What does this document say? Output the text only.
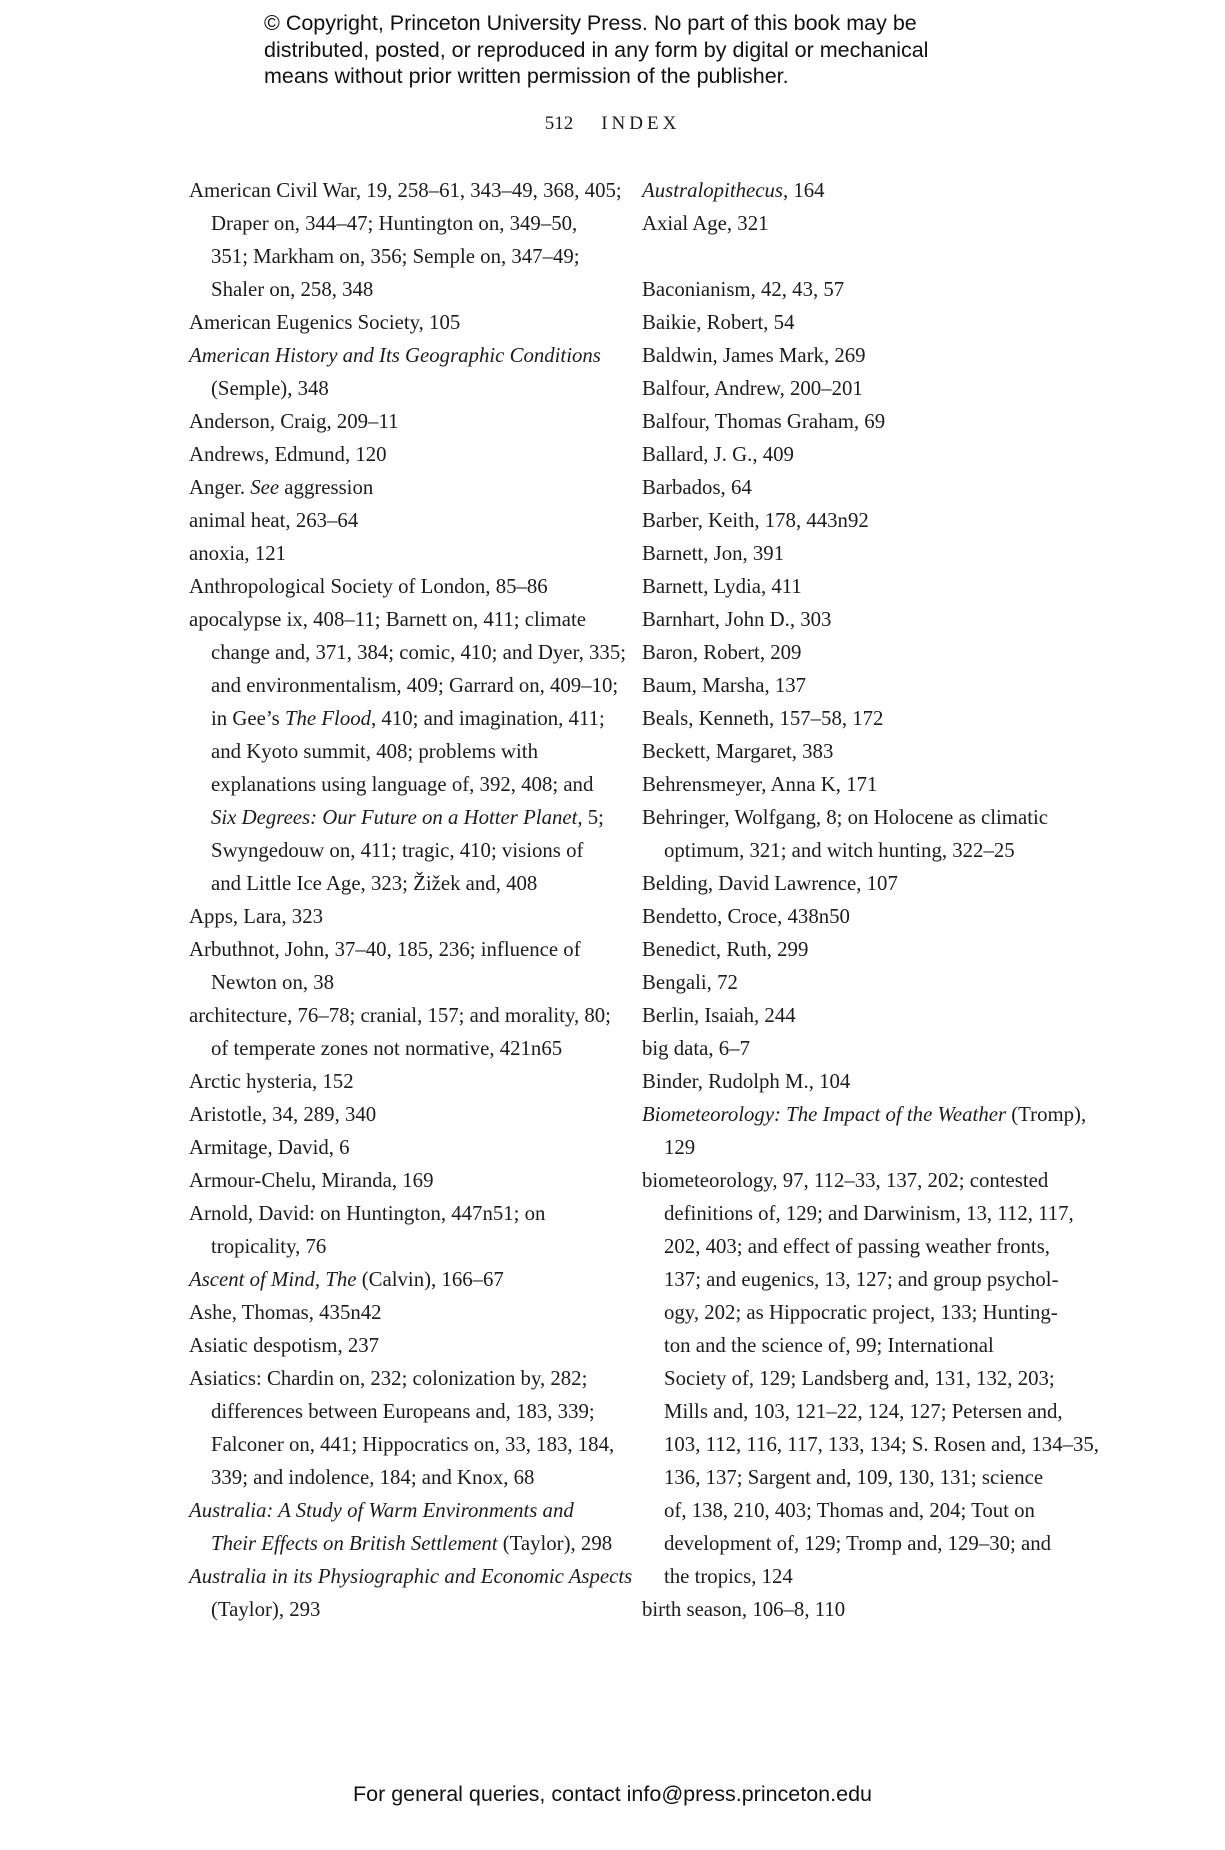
© Copyright, Princeton University Press. No part of this book may be
distributed, posted, or reproduced in any form by digital or mechanical
means without prior written permission of the publisher.
512 INDEX
American Civil War, 19, 258–61, 343–49, 368, 405;
Draper on, 344–47; Huntington on, 349–50,
351; Markham on, 356; Semple on, 347–49;
Shaler on, 258, 348
American Eugenics Society, 105
American History and Its Geographic Conditions
(Semple), 348
Anderson, Craig, 209–11
Andrews, Edmund, 120
Anger. See aggression
animal heat, 263–64
anoxia, 121
Anthropological Society of London, 85–86
apocalypse ix, 408–11; Barnett on, 411; climate
change and, 371, 384; comic, 410; and Dyer, 335;
and environmentalism, 409; Garrard on, 409–10;
in Gee’s The Flood, 410; and imagination, 411;
and Kyoto summit, 408; problems with
explanations using language of, 392, 408; and
Six Degrees: Our Future on a Hotter Planet, 5;
Swyngedouw on, 411; tragic, 410; visions of
and Little Ice Age, 323; Žižek and, 408
Apps, Lara, 323
Arbuthnot, John, 37–40, 185, 236; influence of
Newton on, 38
architecture, 76–78; cranial, 157; and morality, 80;
of temperate zones not normative, 421n65
Arctic hysteria, 152
Aristotle, 34, 289, 340
Armitage, David, 6
Armour-Chelu, Miranda, 169
Arnold, David: on Huntington, 447n51; on
tropicality, 76
Ascent of Mind, The (Calvin), 166–67
Ashe, Thomas, 435n42
Asiatic despotism, 237
Asiatics: Chardin on, 232; colonization by, 282;
differences between Europeans and, 183, 339;
Falconer on, 441; Hippocratics on, 33, 183, 184,
339; and indolence, 184; and Knox, 68
Australia: A Study of Warm Environments and
Their Effects on British Settlement (Taylor), 298
Australia in its Physiographic and Economic Aspects
(Taylor), 293
Australopithecus, 164
Axial Age, 321
Baconianism, 42, 43, 57
Baikie, Robert, 54
Baldwin, James Mark, 269
Balfour, Andrew, 200–201
Balfour, Thomas Graham, 69
Ballard, J. G., 409
Barbados, 64
Barber, Keith, 178, 443n92
Barnett, Jon, 391
Barnett, Lydia, 411
Barnhart, John D., 303
Baron, Robert, 209
Baum, Marsha, 137
Beals, Kenneth, 157–58, 172
Beckett, Margaret, 383
Behrensmeyer, Anna K, 171
Behringer, Wolfgang, 8; on Holocene as climatic
optimum, 321; and witch hunting, 322–25
Belding, David Lawrence, 107
Bendetto, Croce, 438n50
Benedict, Ruth, 299
Bengali, 72
Berlin, Isaiah, 244
big data, 6–7
Binder, Rudolph M., 104
Biometeorology: The Impact of the Weather (Tromp),
129
biometeorology, 97, 112–33, 137, 202; contested
definitions of, 129; and Darwinism, 13, 112, 117,
202, 403; and effect of passing weather fronts,
137; and eugenics, 13, 127; and group psychol-
ogy, 202; as Hippocratic project, 133; Hunting-
ton and the science of, 99; International
Society of, 129; Landsberg and, 131, 132, 203;
Mills and, 103, 121–22, 124, 127; Petersen and,
103, 112, 116, 117, 133, 134; S. Rosen and, 134–35,
136, 137; Sargent and, 109, 130, 131; science
of, 138, 210, 403; Thomas and, 204; Tout on
development of, 129; Tromp and, 129–30; and
the tropics, 124
birth season, 106–8, 110
For general queries, contact info@press.princeton.edu
